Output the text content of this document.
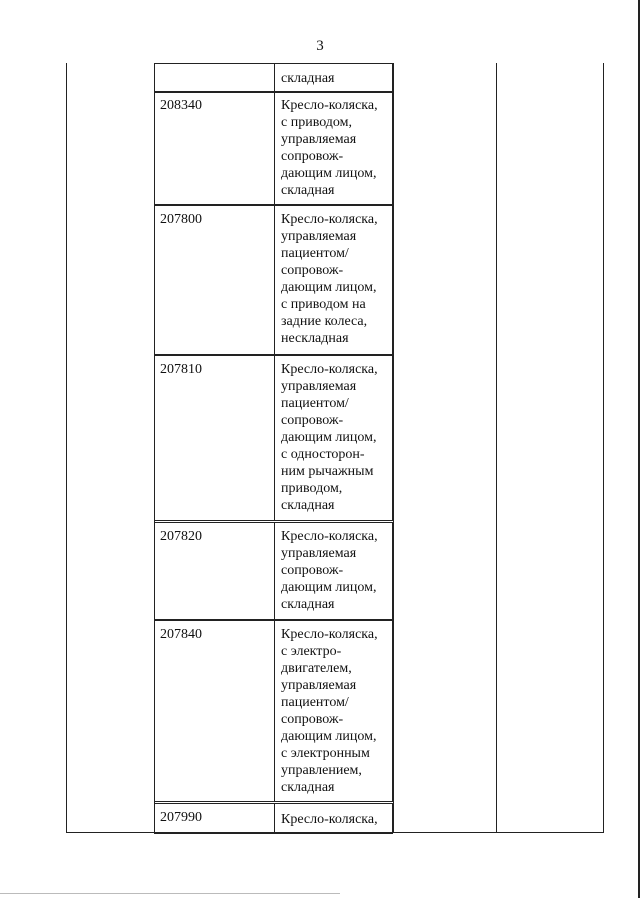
3
складная
208340	Кресло-коляска,
с приводом,
управляемая
сопровож-
дающим лицом,
складная
207800	Кресло-коляска,
управляемая
пациентом/
сопровож-
дающим лицом,
с приводом на
задние колеса,
нескладная
207810	Кресло-коляска,
управляемая
пациентом/
сопровож-
дающим лицом,
с односторон-
ним рычажным
приводом,
складная
207820	Кресло-коляска,
управляемая
сопровож-
дающим лицом,
складная
207840	Кресло-коляска,
с электро-
двигателем,
управляемая
пациентом/
сопровож-
дающим лицом,
с электронным
управлением,
складная
207990	Кресло-коляска,
